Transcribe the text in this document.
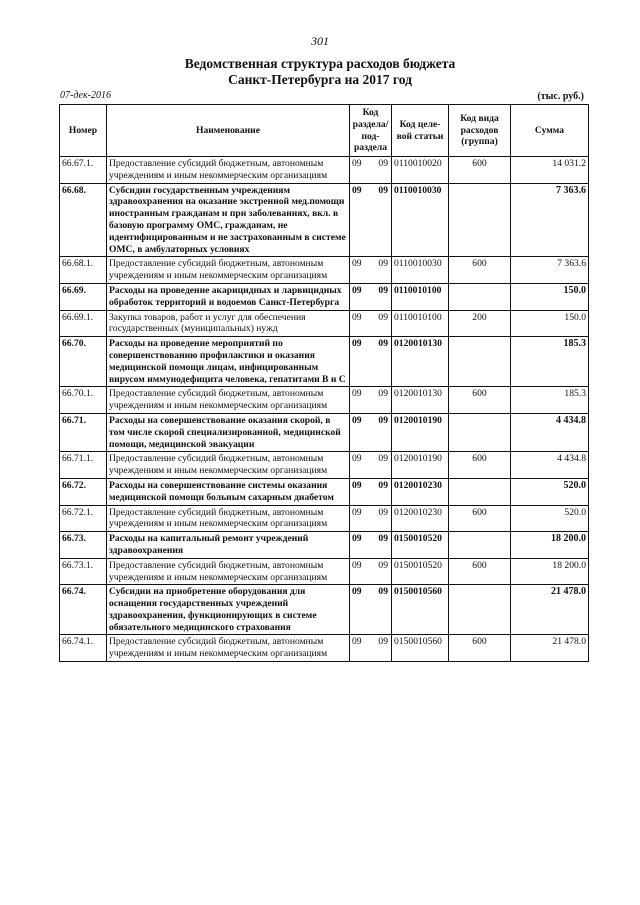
301
Ведомственная структура расходов бюджета
Санкт-Петербурга на 2017 год
07-дек-2016	(тыс. руб.)
Номер	Наименование	Код раздела/ под-раздела	Код целе-вой статьи	Код вида расходов (группа)	Сумма
66.67.1.	Предоставление субсидий бюджетным, автономным учреждениям и иным некоммерческим организациям	09 09	0110010020	600	14 031.2
66.68.	Субсидии государственным учреждениям здравоохранения на оказание экстренной мед.помощи иностранным гражданам и при заболеваниях, вкл. в базовую программу ОМС, гражданам, не идентифицированным и не застрахованным в системе ОМС, в амбулаторных условиях	09 09	0110010030		7 363.6
66.68.1.	Предоставление субсидий бюджетным, автономным учреждениям и иным некоммерческим организациям	09 09	0110010030	600	7 363.6
66.69.	Расходы на проведение акарицидных и ларвицидных обработок территорий и водоемов Санкт-Петербурга	09 09	0110010100		150.0
66.69.1.	Закупка товаров, работ и услуг для обеспечения государственных (муниципальных) нужд	09 09	0110010100	200	150.0
66.70.	Расходы на проведение мероприятий по совершенствованию профилактики и оказания медицинской помощи лицам, инфицированным вирусом иммунодефицита человека, гепатитами В и С	09 09	0120010130		185.3
66.70.1.	Предоставление субсидий бюджетным, автономным учреждениям и иным некоммерческим организациям	09 09	0120010130	600	185.3
66.71.	Расходы на совершенствование оказания скорой, в том числе скорой специализированной, медицинской помощи, медицинской эвакуации	09 09	0120010190		4 434.8
66.71.1.	Предоставление субсидий бюджетным, автономным учреждениям и иным некоммерческим организациям	09 09	0120010190	600	4 434.8
66.72.	Расходы на совершенствование системы оказания медицинской помощи больным сахарным диабетом	09 09	0120010230		520.0
66.72.1.	Предоставление субсидий бюджетным, автономным учреждениям и иным некоммерческим организациям	09 09	0120010230	600	520.0
66.73.	Расходы на капитальный ремонт учреждений здравоохранения	09 09	0150010520		18 200.0
66.73.1.	Предоставление субсидий бюджетным, автономным учреждениям и иным некоммерческим организациям	09 09	0150010520	600	18 200.0
66.74.	Субсидии на приобретение оборудования для оснащения государственных учреждений здравоохранения, функционирующих в системе обязательного медицинского страхования	09 09	0150010560		21 478.0
66.74.1.	Предоставление субсидий бюджетным, автономным учреждениям и иным некоммерческим организациям	09 09	0150010560	600	21 478.0
